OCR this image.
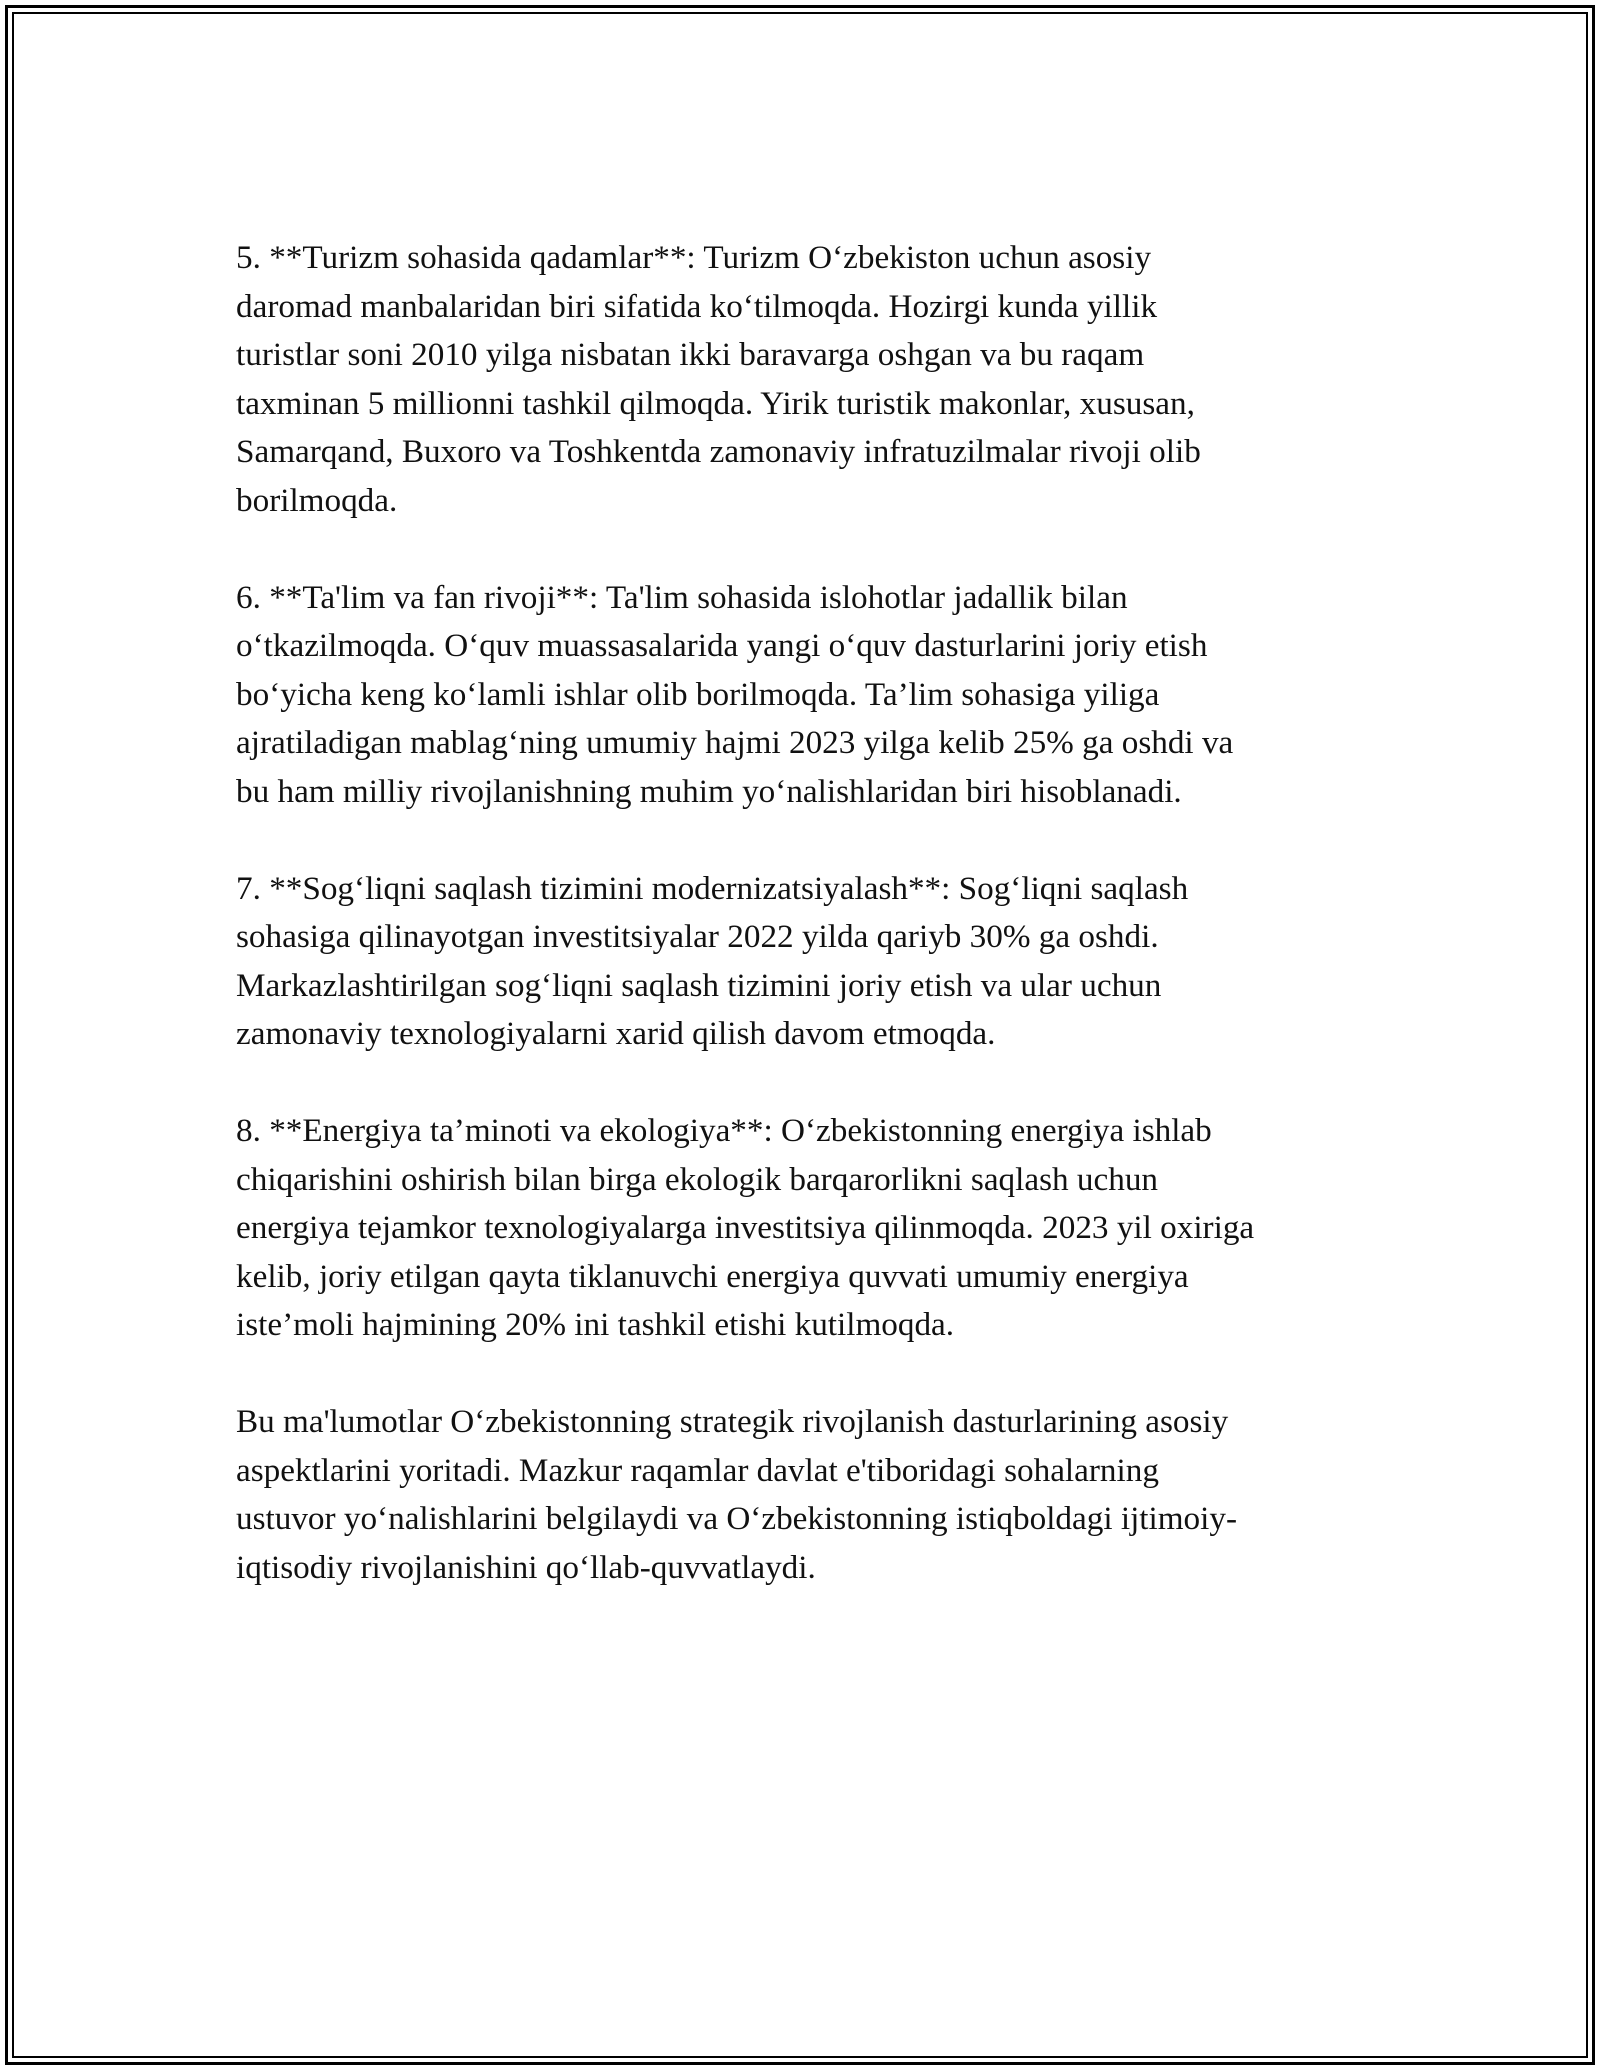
5. **Turizm sohasida qadamlar**: Turizm O‘zbekiston uchun asosiy
daromad manbalaridan biri sifatida ko‘tilmoqda. Hozirgi kunda yillik
turistlar soni 2010 yilga nisbatan ikki baravarga oshgan va bu raqam
taxminan 5 millionni tashkil qilmoqda. Yirik turistik makonlar, xususan,
Samarqand, Buxoro va Toshkentda zamonaviy infratuzilmalar rivoji olib
borilmoqda.

6. **Ta'lim va fan rivoji**: Ta'lim sohasida islohotlar jadallik bilan
o‘tkazilmoqda. O‘quv muassasalarida yangi o‘quv dasturlarini joriy etish
bo‘yicha keng ko‘lamli ishlar olib borilmoqda. Ta’lim sohasiga yiliga
ajratiladigan mablag‘ning umumiy hajmi 2023 yilga kelib 25% ga oshdi va
bu ham milliy rivojlanishning muhim yo‘nalishlaridan biri hisoblanadi.

7. **Sog‘liqni saqlash tizimini modernizatsiyalash**: Sog‘liqni saqlash
sohasiga qilinayotgan investitsiyalar 2022 yilda qariyb 30% ga oshdi.
Markazlashtirilgan sog‘liqni saqlash tizimini joriy etish va ular uchun
zamonaviy texnologiyalarni xarid qilish davom etmoqda.

8. **Energiya ta’minoti va ekologiya**: O‘zbekistonning energiya ishlab
chiqarishini oshirish bilan birga ekologik barqarorlikni saqlash uchun
energiya tejamkor texnologiyalarga investitsiya qilinmoqda. 2023 yil oxiriga
kelib, joriy etilgan qayta tiklanuvchi energiya quvvati umumiy energiya
iste’moli hajmining 20% ini tashkil etishi kutilmoqda.

Bu ma'lumotlar O‘zbekistonning strategik rivojlanish dasturlarining asosiy
aspektlarini yoritadi. Mazkur raqamlar davlat e'tiboridagi sohalarning
ustuvor yo‘nalishlarini belgilaydi va O‘zbekistonning istiqboldagi ijtimoiy-
iqtisodiy rivojlanishini qo‘llab-quvvatlaydi.
